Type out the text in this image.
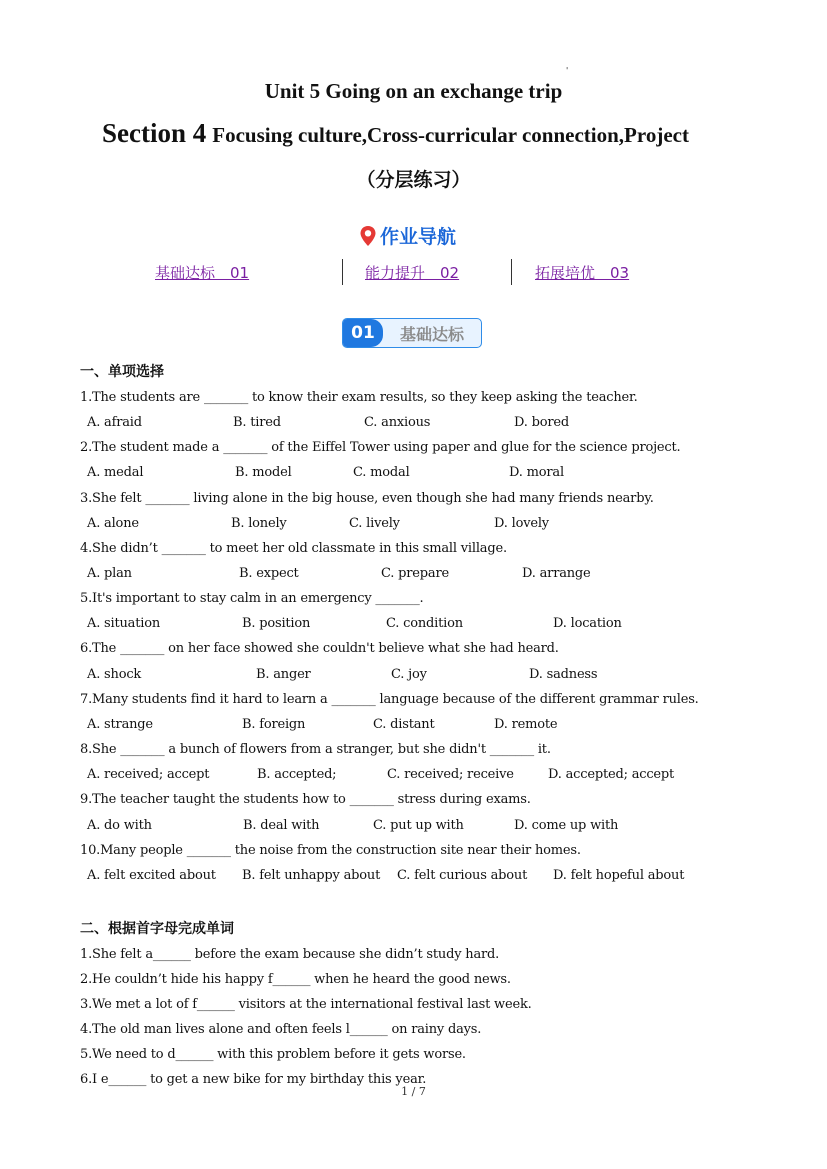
'
Unit 5 Going on an exchange trip
Section 4 Focusing culture,Cross-curricular connection,Project
（分层练习）
作业导航
基础达标　01	能力提升　02	拓展培优　03
01	基础达标
一、单项选择
1.The students are _______ to know their exam results, so they keep asking the teacher.
A. afraid	B. tired	C. anxious	D. bored
2.The student made a _______ of the Eiffel Tower using paper and glue for the science project.
A. medal	B. model	C. modal	D. moral
3.She felt _______ living alone in the big house, even though she had many friends nearby.
A. alone	B. lonely	C. lively	D. lovely
4.She didn’t _______ to meet her old classmate in this small village.
A. plan	B. expect	C. prepare	D. arrange
5.It's important to stay calm in an emergency _______.
A. situation	B. position	C. condition	D. location
6.The _______ on her face showed she couldn't believe what she had heard.
A. shock	B. anger	C. joy	D. sadness
7.Many students find it hard to learn a _______ language because of the different grammar rules.
A. strange	B. foreign	C. distant	D. remote
8.She _______ a bunch of flowers from a stranger, but she didn't _______ it.
A. received; accept	B. accepted;	C. received; receive	D. accepted; accept
9.The teacher taught the students how to _______ stress during exams.
A. do with	B. deal with	C. put up with	D. come up with
10.Many people _______ the noise from the construction site near their homes.
A. felt excited about B. felt unhappy about C. felt curious about D. felt hopeful about
二、根据首字母完成单词
1.She felt a______ before the exam because she didn’t study hard.
2.He couldn’t hide his happy f______ when he heard the good news.
3.We met a lot of f______ visitors at the international festival last week.
4.The old man lives alone and often feels l______ on rainy days.
5.We need to d______ with this problem before it gets worse.
6.I e______ to get a new bike for my birthday this year.
1 / 7
